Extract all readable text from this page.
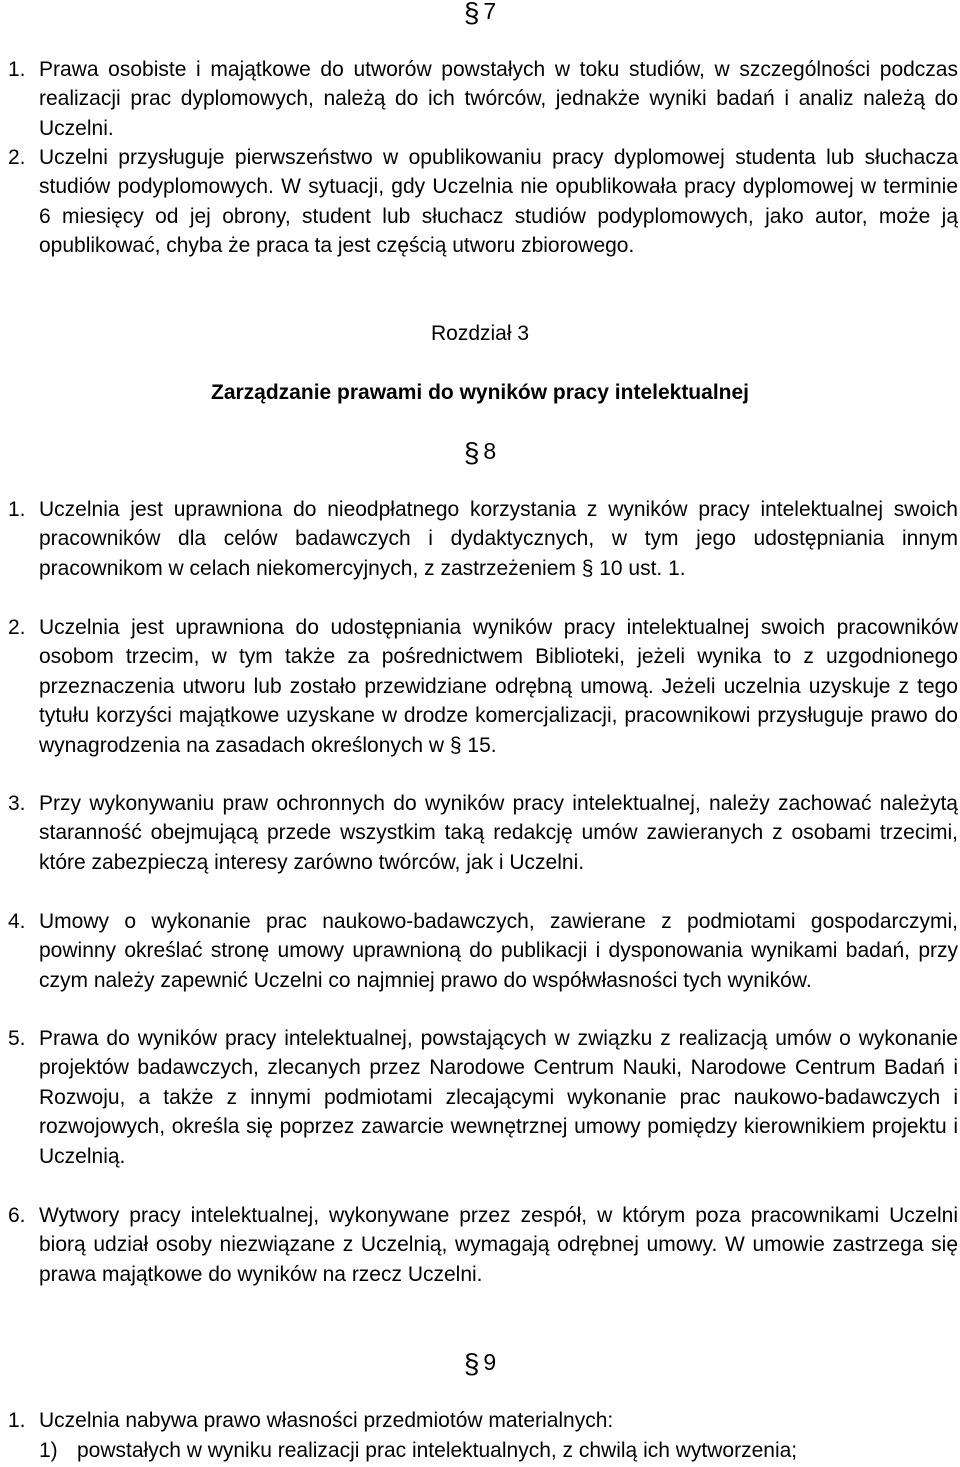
§ 7
1. Prawa osobiste i majątkowe do utworów powstałych w toku studiów, w szczególności podczas realizacji prac dyplomowych, należą do ich twórców, jednakże wyniki badań i analiz należą do Uczelni.
2. Uczelni przysługuje pierwszeństwo w opublikowaniu pracy dyplomowej studenta lub słuchacza studiów podyplomowych. W sytuacji, gdy Uczelnia nie opublikowała pracy dyplomowej w terminie 6 miesięcy od jej obrony, student lub słuchacz studiów podyplomowych, jako autor, może ją opublikować, chyba że praca ta jest częścią utworu zbiorowego.
Rozdział 3
Zarządzanie prawami do wyników pracy intelektualnej
§ 8
1. Uczelnia jest uprawniona do nieodpłatnego korzystania z wyników pracy intelektualnej swoich pracowników dla celów badawczych i dydaktycznych, w tym jego udostępniania innym pracownikom w celach niekomercyjnych, z zastrzeżeniem § 10 ust. 1.
2. Uczelnia jest uprawniona do udostępniania wyników pracy intelektualnej swoich pracowników osobom trzecim, w tym także za pośrednictwem Biblioteki, jeżeli wynika to z uzgodnionego przeznaczenia utworu lub zostało przewidziane odrębną umową. Jeżeli uczelnia uzyskuje z tego tytułu korzyści majątkowe uzyskane w drodze komercjalizacji, pracownikowi przysługuje prawo do wynagrodzenia na zasadach określonych w § 15.
3. Przy wykonywaniu praw ochronnych do wyników pracy intelektualnej, należy zachować należytą staranność obejmującą przede wszystkim taką redakcję umów zawieranych z osobami trzecimi, które zabezpieczą interesy zarówno twórców, jak i Uczelni.
4. Umowy o wykonanie prac naukowo-badawczych, zawierane z podmiotami gospodarczymi, powinny określać stronę umowy uprawnioną do publikacji i dysponowania wynikami badań, przy czym należy zapewnić Uczelni co najmniej prawo do współwłasności tych wyników.
5. Prawa do wyników pracy intelektualnej, powstających w związku z realizacją umów o wykonanie projektów badawczych, zlecanych przez Narodowe Centrum Nauki, Narodowe Centrum Badań i Rozwoju, a także z innymi podmiotami zlecającymi wykonanie prac naukowo-badawczych i rozwojowych, określa się poprzez zawarcie wewnętrznej umowy pomiędzy kierownikiem projektu i Uczelnią.
6. Wytwory pracy intelektualnej, wykonywane przez zespół, w którym poza pracownikami Uczelni biorą udział osoby niezwiązane z Uczelnią, wymagają odrębnej umowy. W umowie zastrzega się prawa majątkowe do wyników na rzecz Uczelni.
§ 9
1. Uczelnia nabywa prawo własności przedmiotów materialnych:
1) powstałych w wyniku realizacji prac intelektualnych, z chwilą ich wytworzenia;
